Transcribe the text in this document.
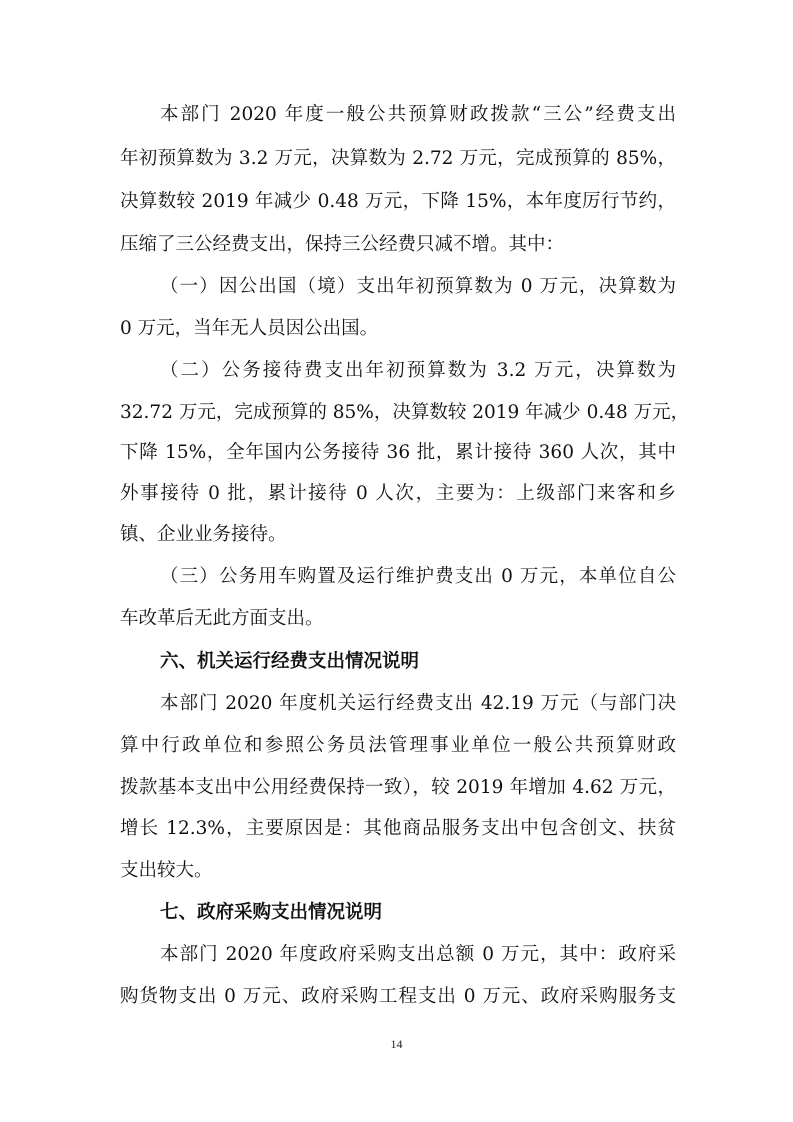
本部门 2020 年度一般公共预算财政拨款“三公”经费支出
年初预算数为 3.2 万元，决算数为 2.72 万元，完成预算的 85%，
决算数较 2019 年减少 0.48 万元，下降 15%，本年度厉行节约，
压缩了三公经费支出，保持三公经费只减不增。其中：
（一）因公出国（境）支出年初预算数为 0 万元，决算数为
0 万元，当年无人员因公出国。
（二）公务接待费支出年初预算数为 3.2 万元，决算数为
32.72 万元，完成预算的 85%，决算数较 2019 年减少 0.48 万元，
下降 15%，全年国内公务接待 36 批，累计接待 360 人次，其中
外事接待 0 批，累计接待 0 人次，主要为：上级部门来客和乡
镇、企业业务接待。
（三）公务用车购置及运行维护费支出 0 万元，本单位自公
车改革后无此方面支出。
六、机关运行经费支出情况说明
本部门 2020 年度机关运行经费支出 42.19 万元（与部门决
算中行政单位和参照公务员法管理事业单位一般公共预算财政
拨款基本支出中公用经费保持一致），较 2019 年增加 4.62 万元，
增长 12.3%，主要原因是：其他商品服务支出中包含创文、扶贫
支出较大。
七、政府采购支出情况说明
本部门 2020 年度政府采购支出总额 0 万元，其中：政府采
购货物支出 0 万元、政府采购工程支出 0 万元、政府采购服务支
14
